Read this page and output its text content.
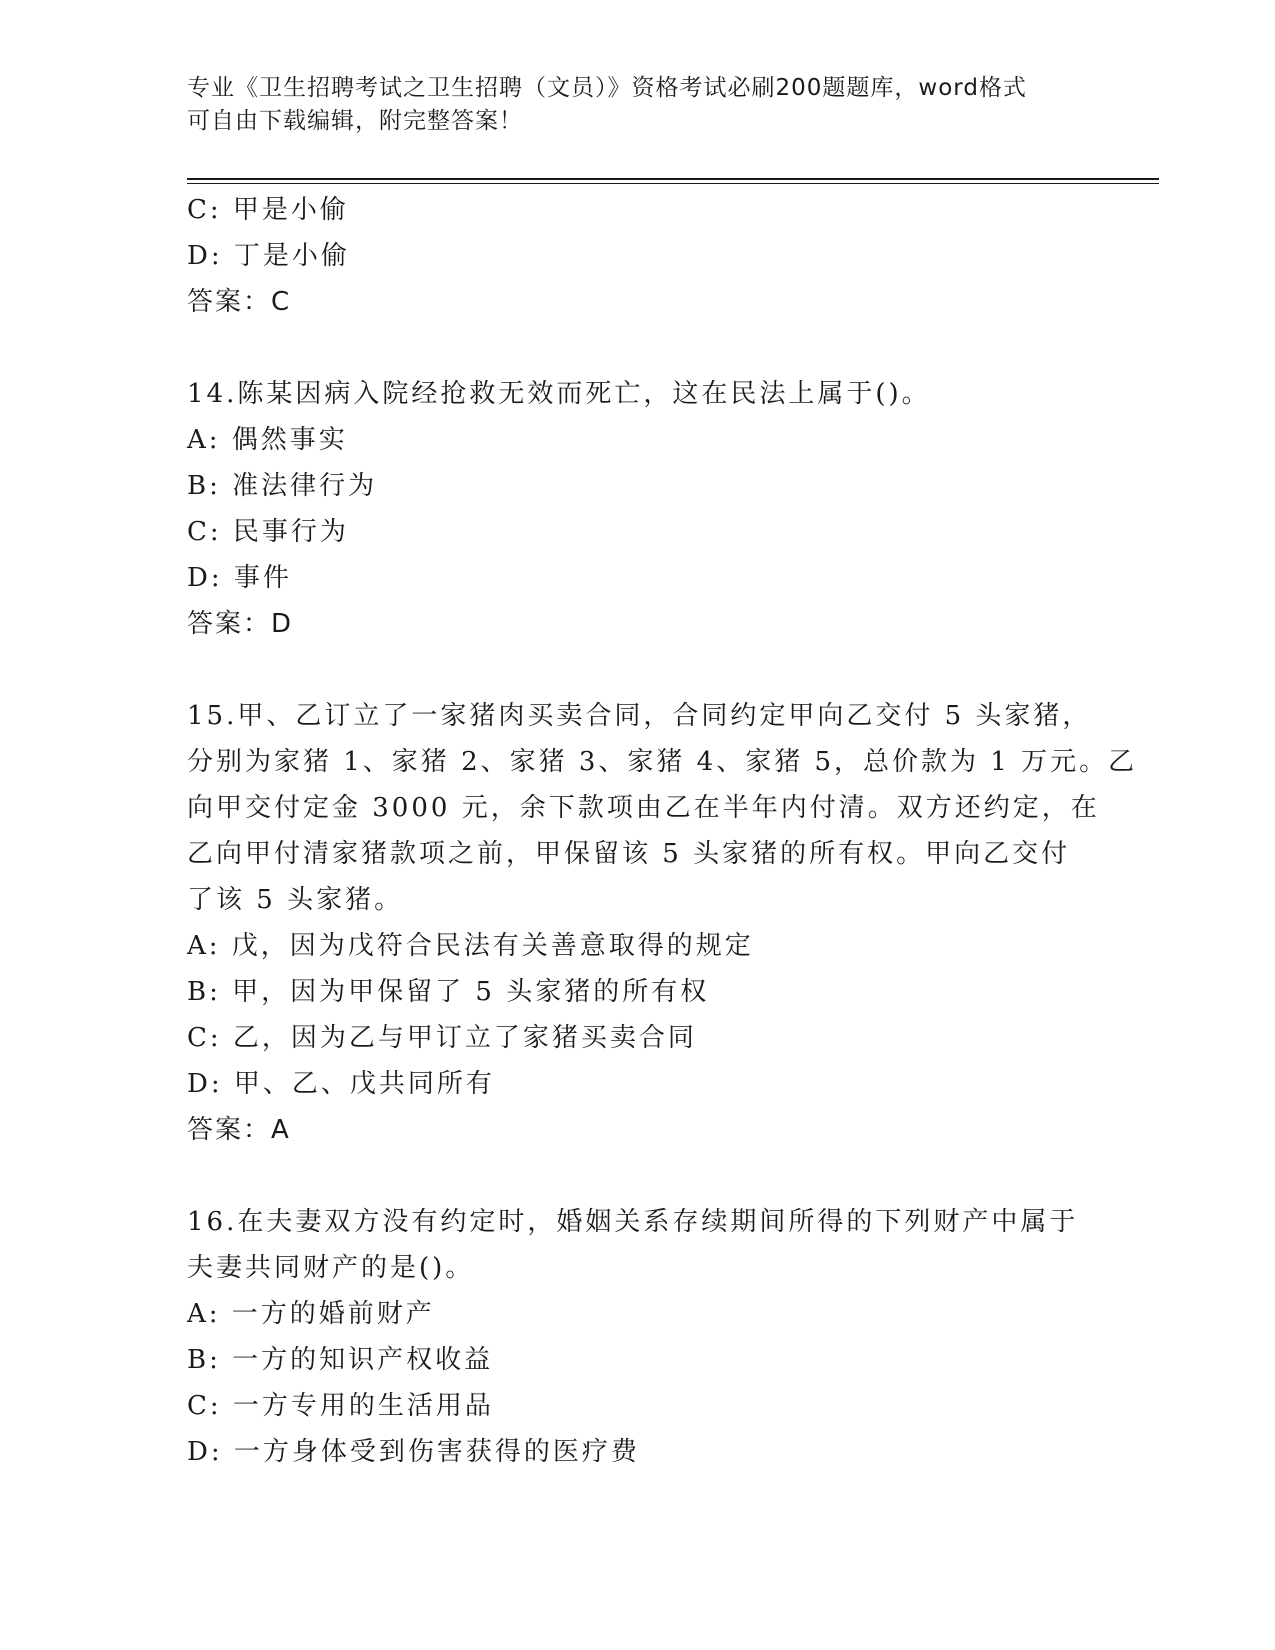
专业《卫生招聘考试之卫生招聘（文员）》资格考试必刷200题题库，word格式
可自由下载编辑，附完整答案！
C: 甲是小偷
D: 丁是小偷
答案：C
14.陈某因病入院经抢救无效而死亡，这在民法上属于()。
A: 偶然事实
B: 准法律行为
C: 民事行为
D: 事件
答案：D
15.甲、乙订立了一家猪肉买卖合同，合同约定甲向乙交付 5 头家猪，
分别为家猪 1、家猪 2、家猪 3、家猪 4、家猪 5，总价款为 1 万元。乙
向甲交付定金 3000 元，余下款项由乙在半年内付清。双方还约定，在
乙向甲付清家猪款项之前，甲保留该 5 头家猪的所有权。甲向乙交付
了该 5 头家猪。
A: 戊，因为戊符合民法有关善意取得的规定
B: 甲，因为甲保留了 5 头家猪的所有权
C: 乙，因为乙与甲订立了家猪买卖合同
D: 甲、乙、戊共同所有
答案：A
16.在夫妻双方没有约定时，婚姻关系存续期间所得的下列财产中属于
夫妻共同财产的是()。
A: 一方的婚前财产
B: 一方的知识产权收益
C: 一方专用的生活用品
D: 一方身体受到伤害获得的医疗费
